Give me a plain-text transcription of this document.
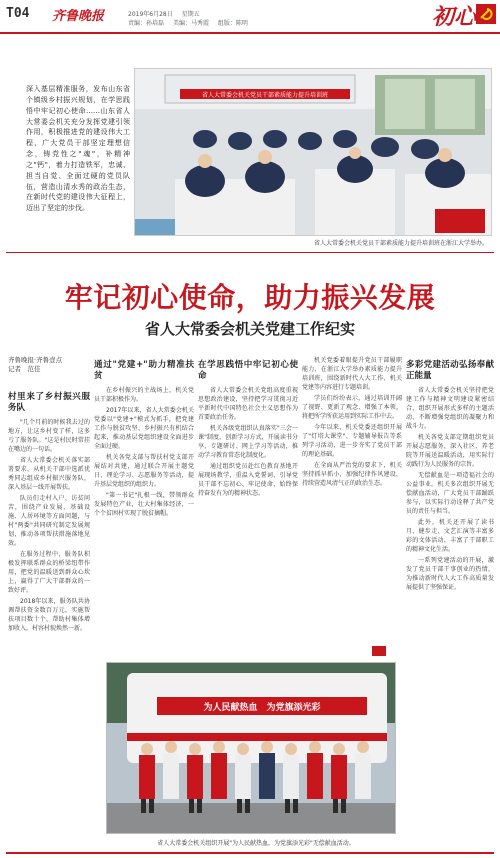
T04 齐鲁晚报	2019年6月28日 星期五
责编：孙培磊 美编：马秀霞 组版：陈明	初心
深入基层精准服务，发布山东省个镇级乡村振兴规划，在学思践悟中牢记初心使命……山东省人大常委会机关充分发挥党建引领作用，积极推进党的建设伟大工程，广大党员干部坚定理想信念，铸党性之"魂"，补精神之"钙"，着力打造铁军，忠诚、担当自觉、全面过硬的党员队伍，营造山清水秀的政治生态，在新时代党的建设伟大征程上，迈出了坚定的步伐。
省人大常委会机关党员干部素质能力提升培训班
省人大常委会机关党员干部素质能力提升培训班在浙江大学举办。
牢记初心使命，助力振兴发展
省人大常委会机关党建工作纪实
齐鲁晚报·齐鲁壹点
记者　范佳
村里来了乡村振兴服务队

"几个月前的时候我去过的地方，让这乡村变了样，这多亏了服务队。"这是村民时常挂在嘴边的一句话。

省人大常委会机关落实部署要求，从机关干部中选派优秀同志组成乡村振兴服务队，深入基层一线开展帮扶。

队员们走村入户、访贫问苦，围绕产业发展、基础设施、人居环境等方面问题，与村"两委"共同研究制定发展规划，推动各项帮扶措施落地见效。

在服务过程中，服务队积极发挥联系群众的桥梁纽带作用，把党的温暖送到群众心坎上，赢得了广大干部群众的一致好评。

2018年以来，服务队共协调帮扶资金数百万元，实施帮扶项目数十个，帮助村集体增加收入，村容村貌焕然一新。

通过"党建+"助力精准扶贫

在乡村振兴的主战场上，机关党员干部积极作为。

2017年以来，省人大常委会机关党委以"党建+"模式为抓手，把党建工作与脱贫攻坚、乡村振兴有机结合起来，推动基层党组织建设全面进步全面过硬。

机关各党支部与帮扶村党支部开展结对共建，通过联合开展主题党日、理论学习、志愿服务等活动，提升基层党组织的组织力。

"第一书记"扎根一线，带领群众发展特色产业，壮大村集体经济，一个个贫困村实现了脱贫摘帽。

在学思践悟中牢记初心使命

省人大常委会机关党组高度重视思想政治建设，坚持把学习贯彻习近平新时代中国特色社会主义思想作为首要政治任务。

机关各级党组织认真落实"三会一课"制度，创新学习方式，开展读书分享、专题研讨、网上学习等活动，推动学习教育常态化制度化。

通过组织党员赴红色教育基地开展现场教学，重温入党誓词，引导党员干部不忘初心、牢记使命，始终保持奋发有为的精神状态。

机关党委着眼提升党员干部履职能力，在浙江大学举办素质能力提升培训班，围绕新时代人大工作、机关党建等内容进行专题培训。

学员们纷纷表示，通过培训开阔了视野、更新了观念、增强了本领，将把所学所获运用到实际工作中去。

今年以来，机关党委还组织开展了"灯塔大课堂"、专题辅导报告等系列学习活动，进一步夯实了党员干部的理论基础。

在全面从严治党的要求下，机关坚持抓早抓小，加强纪律作风建设，持续营造风清气正的政治生态。

多彩党建活动弘扬奉献正能量

省人大常委会机关坚持把党建工作与精神文明建设紧密结合，组织开展形式多样的主题活动，不断增强党组织的凝聚力和战斗力。

机关各党支部定期组织党员开展志愿服务，深入社区、养老院等开展送温暖活动，用实际行动践行为人民服务的宗旨。

无偿献血是一项造福社会的公益事业。机关多次组织开展无偿献血活动，广大党员干部踊跃参与，以实际行动诠释了共产党员的责任与担当。

此外，机关还开展了读书月、健步走、文艺汇演等丰富多彩的文体活动，丰富了干部职工的精神文化生活。

一系列党建活动的开展，激发了党员干部干事创业的热情，为推动新时代人大工作高质量发展提供了坚强保证。

为人民献热血　为党旗添光彩
省人大常委会机关组织开展"为人民献热血，为党旗添光彩"无偿献血活动。
